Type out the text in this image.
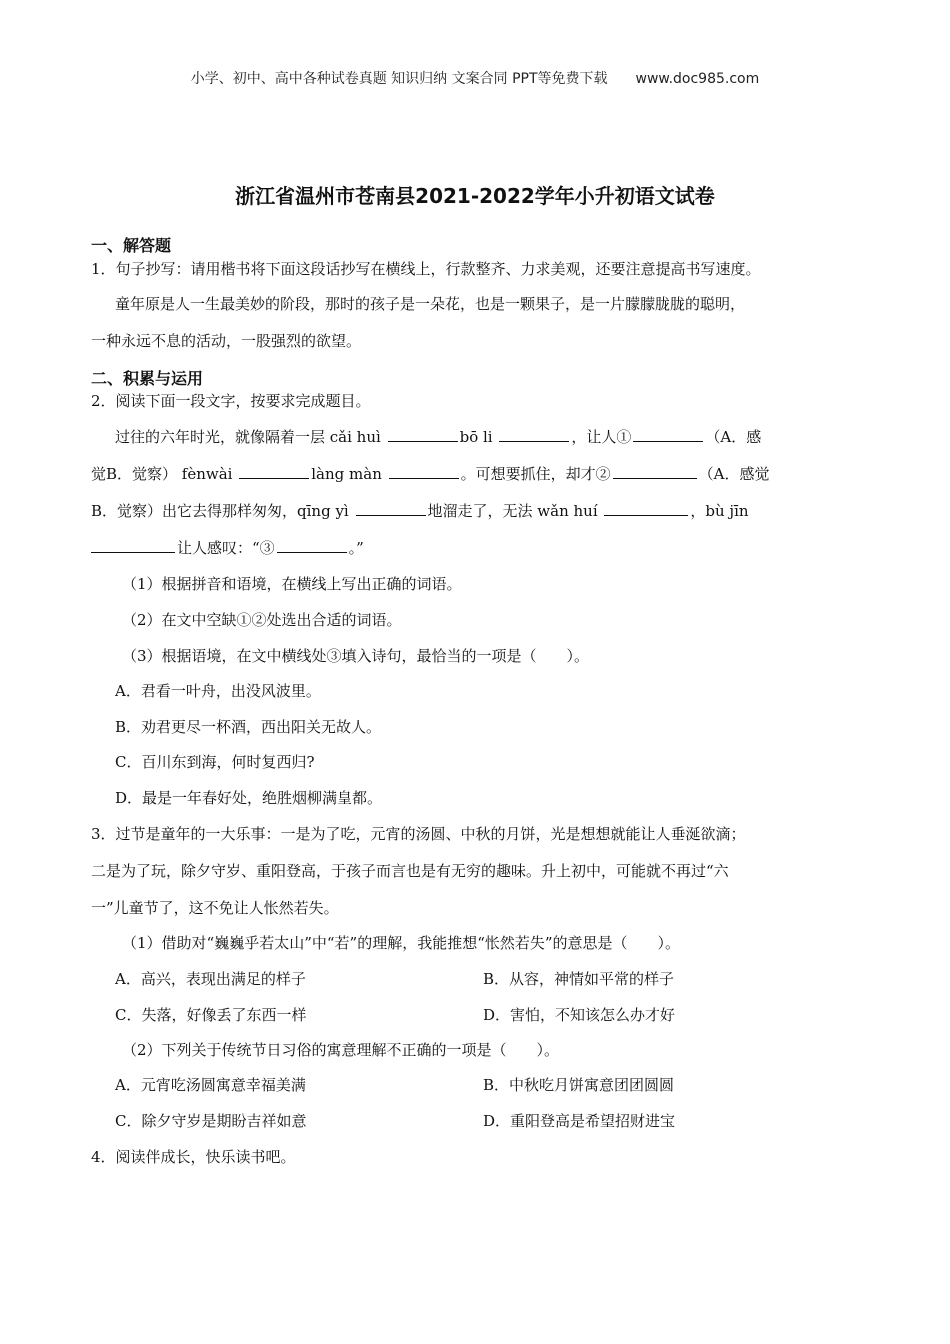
小学、初中、高中各种试卷真题 知识归纳 文案合同 PPT等免费下载 www.doc985.com
浙江省温州市苍南县2021-2022学年小升初语文试卷
一、解答题
1．句子抄写：请用楷书将下面这段话抄写在横线上，行款整齐、力求美观，还要注意提高书写速度。
童年原是人一生最美妙的阶段，那时的孩子是一朵花，也是一颗果子，是一片朦朦胧胧的聪明，
一种永远不息的活动，一股强烈的欲望。
二、积累与运用
2．阅读下面一段文字，按要求完成题目。
过往的六年时光，就像隔着一层 cǎi huì	bō li	，让人①	（A．感
觉B．觉察） fènwài	làng màn	。可想要抓住，却才②	（A．感觉
B．觉察）出它去得那样匆匆，qīng yì	地溜走了，无法 wǎn huí	，bù jīn
让人感叹：“③	。”
（1）根据拼音和语境，在横线上写出正确的词语。
（2）在文中空缺①②处选出合适的词语。
（3）根据语境，在文中横线处③填入诗句，最恰当的一项是（　　）。
A．君看一叶舟，出没风波里。
B．劝君更尽一杯酒，西出阳关无故人。
C．百川东到海，何时复西归?
D．最是一年春好处，绝胜烟柳满皇都。
3．过节是童年的一大乐事：一是为了吃，元宵的汤圆、中秋的月饼，光是想想就能让人垂涎欲滴；
二是为了玩，除夕守岁、重阳登高，于孩子而言也是有无穷的趣味。升上初中，可能就不再过“六
一”儿童节了，这不免让人怅然若失。
（1）借助对“巍巍乎若太山”中“若”的理解，我能推想“怅然若失”的意思是（　　）。
A．高兴，表现出满足的样子	B．从容，神情如平常的样子
C．失落，好像丢了东西一样	D．害怕，不知该怎么办才好
（2）下列关于传统节日习俗的寓意理解不正确的一项是（　　）。
A．元宵吃汤圆寓意幸福美满	B．中秋吃月饼寓意团团圆圆
C．除夕守岁是期盼吉祥如意	D．重阳登高是希望招财进宝
4．阅读伴成长，快乐读书吧。
